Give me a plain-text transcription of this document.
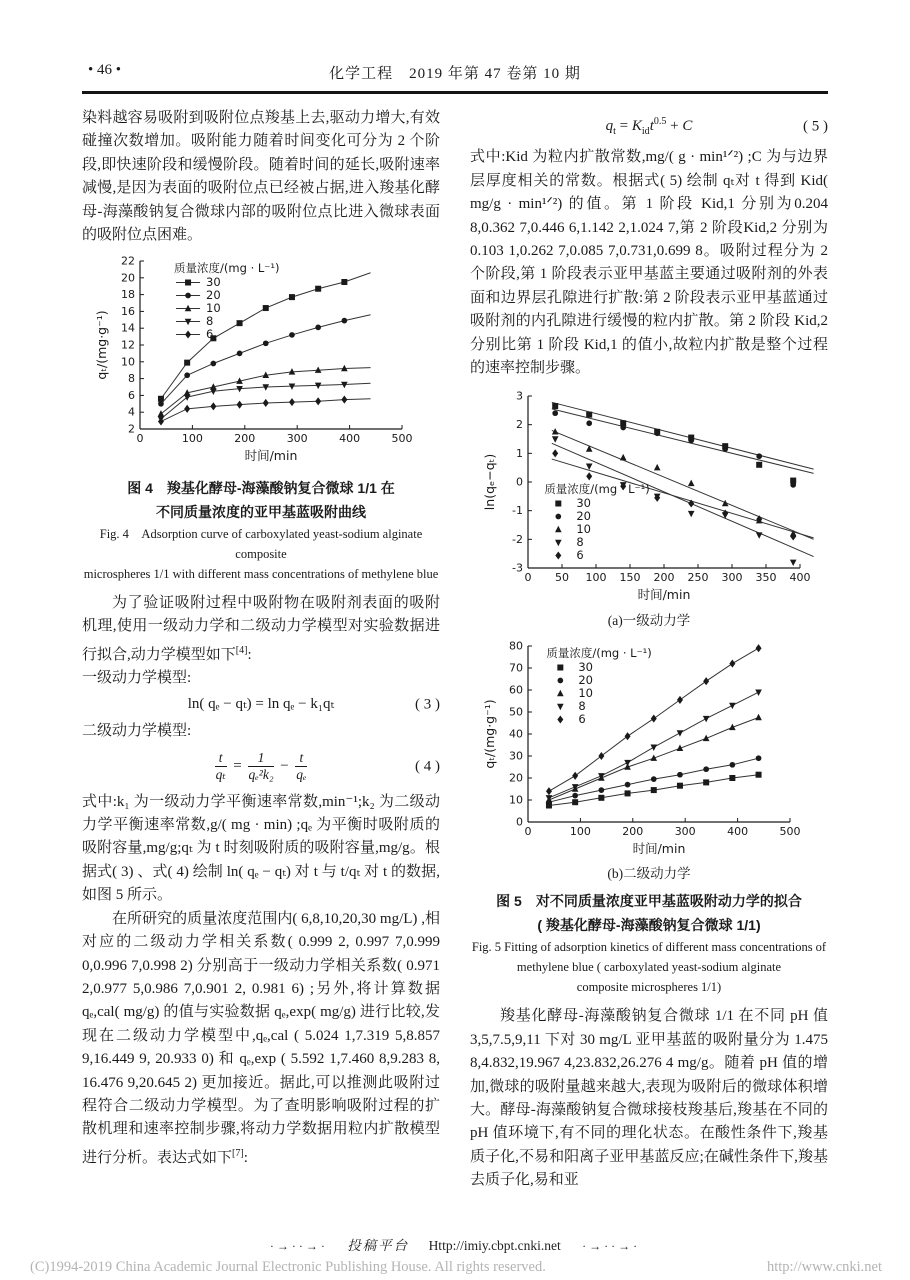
• 46 •	化学工程　2019 年第 47 卷第 10 期

染料越容易吸附到吸附位点羧基上去,驱动力增大,有效碰撞次数增加。吸附能力随着时间变化可分为 2 个阶段,即快速阶段和缓慢阶段。随着时间的延长,吸附速率减慢,是因为表面的吸附位点已经被占据,进入羧基化酵母-海藻酸钠复合微球内部的吸附位点比进入微球表面的吸附位点困难。

0	100	200	300	400	500
2
4
6
8
10
12
14
16
18
20
22
时间/min
qₜ/(mg·g⁻¹)
质量浓度/(mg · L⁻¹)
30
20
10
8
6
图 4　羧基化酵母-海藻酸钠复合微球 1/1 在
不同质量浓度的亚甲基蓝吸附曲线
Fig. 4　Adsorption curve of carboxylated yeast-sodium alginate composite
microspheres 1/1 with different mass concentrations of methylene blue

为了验证吸附过程中吸附物在吸附剂表面的吸附机理,使用一级动力学和二级动力学模型对实验数据进行拟合,动力学模型如下[4]:

一级动力学模型:

ln( qₑ − qₜ) = ln qₑ − k₁qₜ	( 3 )

二级动力学模型:

$\frac{t}{\text{qₜ}} = \frac{1}{\text{qₑ²k₂}} - \frac{t}{\text{qₑ}}$	( 4 )

式中:k₁ 为一级动力学平衡速率常数,min⁻¹;k₂ 为二级动力学平衡速率常数,g/( mg · min) ;qₑ 为平衡时吸附质的吸附容量,mg/g;qₜ 为 t 时刻吸附质的吸附容量,mg/g。根据式( 3) 、式( 4) 绘制 ln( qₑ − qₜ) 对 t 与 t/qₜ 对 t 的数据,如图 5 所示。

在所研究的质量浓度范围内( 6,8,10,20,30 mg/L) ,相对应的二级动力学相关系数( 0.999 2, 0.997 7,0.999 0,0.996 7,0.998 2) 分别高于一级动力学相关系数( 0.971 2,0.977 5,0.986 7,0.901 2, 0.981 6) ;另外,将计算数据 qₑ,cal( mg/g) 的值与实验数据 qₑ,exp( mg/g) 进行比较,发现在二级动力学模型中,qₑ,cal ( 5.024 1,7.319 5,8.857 9,16.449 9, 20.933 0) 和 qₑ,exp ( 5.592 1,7.460 8,9.283 8, 16.476 9,20.645 2) 更加接近。据此,可以推测此吸附过程符合二级动力学模型。为了查明影响吸附过程的扩散机理和速率控制步骤,将动力学数据用粒内扩散模型进行分析。表达式如下[7]:

$q_t = K_{id}t^{0.5} + C$	( 5 )

式中:Kid 为粒内扩散常数,mg/( g · min¹ᐟ²) ;C 为与边界层厚度相关的常数。根据式( 5) 绘制 qₜ对 t 得到 Kid( mg/g · min¹ᐟ²) 的值。第 1 阶段 Kid,1 分别为0.204 8,0.362 7,0.446 6,1.142 2,1.024 7,第 2 阶段Kid,2 分别为 0.103 1,0.262 7,0.085 7,0.731,0.699 8。吸附过程分为 2 个阶段,第 1 阶段表示亚甲基蓝主要通过吸附剂的外表面和边界层孔隙进行扩散:第 2 阶段表示亚甲基蓝通过吸附剂的内孔隙进行缓慢的粒内扩散。第 2 阶段 Kid,2 分别比第 1 阶段 Kid,1 的值小,故粒内扩散是整个过程的速率控制步骤。

0 50 100 150 200 250 300 350 400
-3
-2
-1
0
1
2
3
时间/min
ln(qₑ−qₜ)	质量浓度/(mg · L⁻¹)
30
20
10
8
6
(a)一级动力学
0	100	200	300	400	500
0
10
20
30
40
50
60
70
80
时间/min
qₜ/(mg·g⁻¹)
质量浓度/(mg · L⁻¹)
30
20
10
8
6
(b)二级动力学
图 5　对不同质量浓度亚甲基蓝吸附动力学的拟合
( 羧基化酵母-海藻酸钠复合微球 1/1)
Fig. 5 Fitting of adsorption kinetics of different mass concentrations of
methylene blue ( carboxylated yeast-sodium alginate
composite microspheres 1/1)

羧基化酵母-海藻酸钠复合微球 1/1 在不同 pH 值 3,5,7.5,9,11 下对 30 mg/L 亚甲基蓝的吸附量分为 1.475 8,4.832,19.967 4,23.832,26.276 4 mg/g。随着 pH 值的增加,微球的吸附量越来越大,表现为吸附后的微球体积增大。酵母-海藻酸钠复合微球接枝羧基后,羧基在不同的 pH 值环境下,有不同的理化状态。在酸性条件下,羧基质子化,不易和阳离子亚甲基蓝反应;在碱性条件下,羧基去质子化,易和亚

·→··→· 投稿平台 Http://imiy.cbpt.cnki.net ·→··→·
(C)1994-2019 China Academic Journal Electronic Publishing House. All rights reserved.	http://www.cnki.net
